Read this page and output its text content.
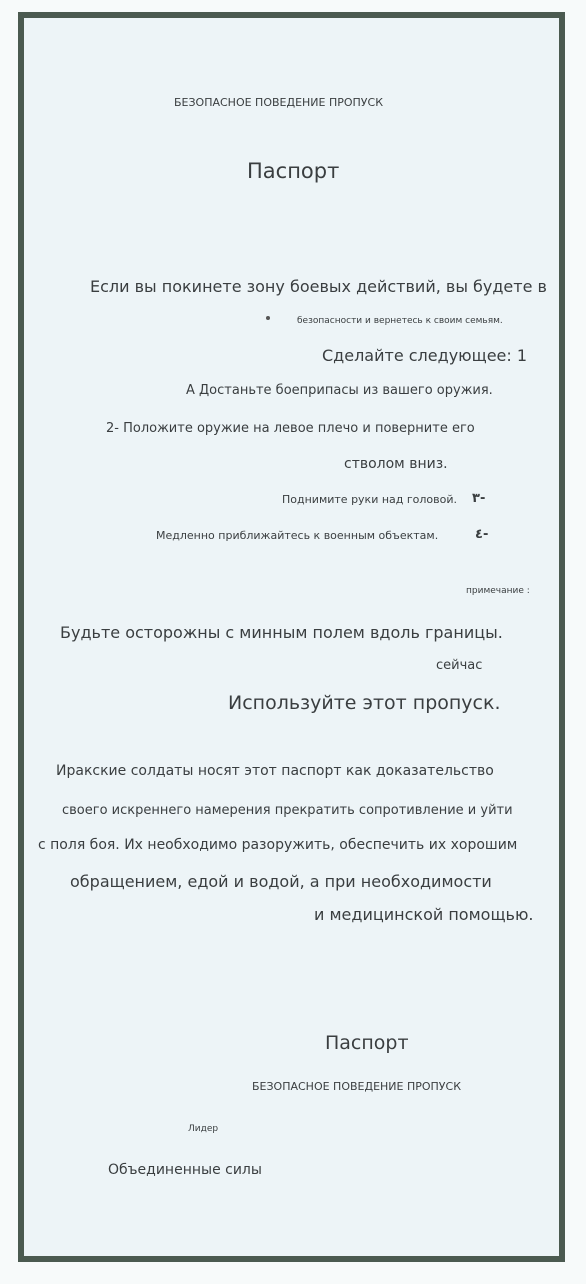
БЕЗОПАСНОЕ ПОВЕДЕНИЕ ПРОПУСК
Паспорт
Если вы покинете зону боевых действий, вы будете в
безопасности и вернетесь к своим семьям.
Сделайте следующее: 1
A Достаньте боеприпасы из вашего оружия.
2- Положите оружие на левое плечо и поверните его
стволом вниз.
Поднимите руки над головой. ٣-
Медленно приближайтесь к военным объектам.	٤-
примечание :
Будьте осторожны с минным полем вдоль границы.
сейчас
Используйте этот пропуск.
Иракские солдаты носят этот паспорт как доказательство
своего искреннего намерения прекратить сопротивление и уйти
с поля боя. Их необходимо разоружить, обеспечить их хорошим
обращением, едой и водой, а при необходимости
и медицинской помощью.
Паспорт
БЕЗОПАСНОЕ ПОВЕДЕНИЕ ПРОПУСК
Лидер
Объединенные силы
